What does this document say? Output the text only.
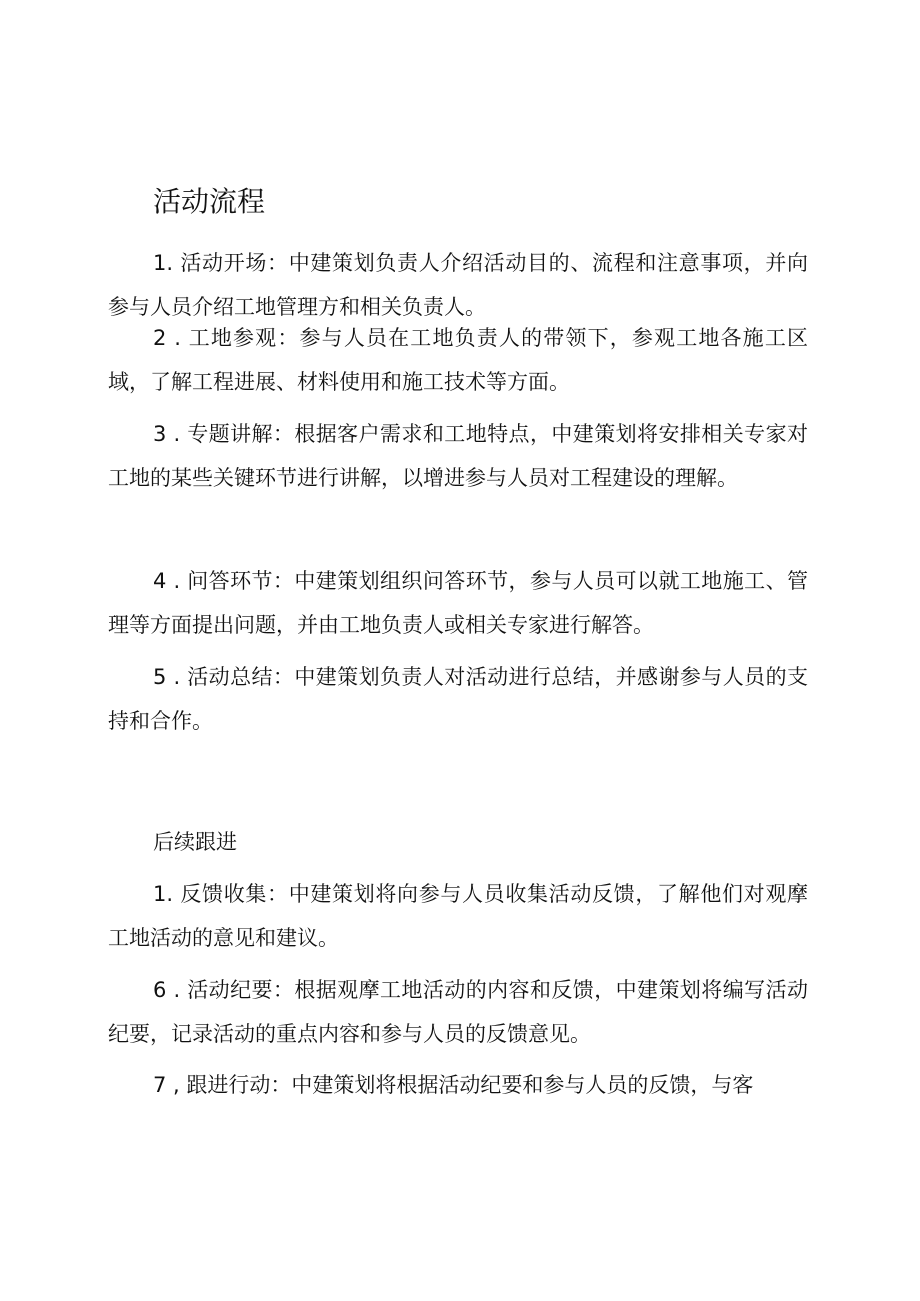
活动流程

1. 活动开场：中建策划负责人介绍活动目的、流程和注意事项，并向参与人员介绍工地管理方和相关负责人。

2 . 工地参观：参与人员在工地负责人的带领下，参观工地各施工区域，了解工程进展、材料使用和施工技术等方面。

3 . 专题讲解：根据客户需求和工地特点，中建策划将安排相关专家对工地的某些关键环节进行讲解，以增进参与人员对工程建设的理解。

4 . 问答环节：中建策划组织问答环节，参与人员可以就工地施工、管理等方面提出问题，并由工地负责人或相关专家进行解答。

5 . 活动总结：中建策划负责人对活动进行总结，并感谢参与人员的支持和合作。

后续跟进

1. 反馈收集：中建策划将向参与人员收集活动反馈，了解他们对观摩工地活动的意见和建议。

6 . 活动纪要：根据观摩工地活动的内容和反馈，中建策划将编写活动纪要，记录活动的重点内容和参与人员的反馈意见。

7 , 跟进行动：中建策划将根据活动纪要和参与人员的反馈，与客
